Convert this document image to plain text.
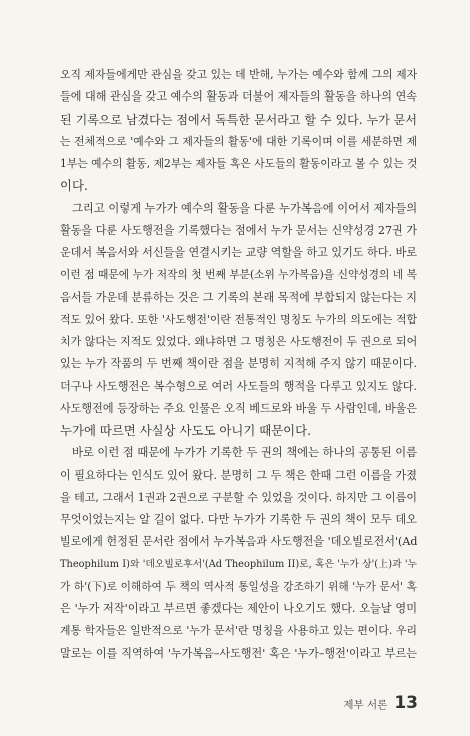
오직 제자들에게만 관심을 갖고 있는 데 반해, 누가는 예수와 함께 그의 제자
들에 대해 관심을 갖고 예수의 활동과 더불어 제자들의 활동을 하나의 연속
된 기록으로 남겼다는 점에서 독특한 문서라고 할 수 있다. 누가 문서
는 전체적으로 '예수와 그 제자들의 활동'에 대한 기록이며 이를 세분하면 제
1부는 예수의 활동, 제2부는 제자들 혹은 사도들의 활동이라고 볼 수 있는 것
이다.

그리고 이렇게 누가가 예수의 활동을 다룬 누가복음에 이어서 제자들의
활동을 다룬 사도행전을 기록했다는 점에서 누가 문서는 신약성경 27권 가
운데서 복음서와 서신들을 연결시키는 교량 역할을 하고 있기도 하다. 바로
이런 점 때문에 누가 저작의 첫 번째 부분(소위 누가복음)을 신약성경의 네 복
음서들 가운데 분류하는 것은 그 기록의 본래 목적에 부합되지 않는다는 지
적도 있어 왔다. 또한 '사도행전'이란 전통적인 명칭도 누가의 의도에는 적합
치가 않다는 지적도 있었다. 왜냐하면 그 명칭은 사도행전이 두 권으로 되어
있는 누가 작품의 두 번째 책이란 점을 분명히 지적해 주지 않기 때문이다.
더구나 사도행전은 복수형으로 여러 사도들의 행적을 다루고 있지도 않다.
사도행전에 등장하는 주요 인물은 오직 베드로와 바울 두 사람인데, 바울은
누가에 따르면 사실상 사도도 아니기 때문이다.

바로 이런 점 때문에 누가가 기록한 두 권의 책에는 하나의 공통된 이름
이 필요하다는 인식도 있어 왔다. 분명히 그 두 책은 한때 그런 이름을 가졌
을 테고, 그래서 1권과 2권으로 구분할 수 있었을 것이다. 하지만 그 이름이
무엇이었는지는 알 길이 없다. 다만 누가가 기록한 두 권의 책이 모두 데오
빌로에게 헌정된 문서란 점에서 누가복음과 사도행전을 '데오빌로전서'(Ad
Theophilum I)와 '데오빌로후서'(Ad Theophilum II)로, 혹은 '누가 상'(上)과 '누
가 하'(下)로 이해하여 두 책의 역사적 통일성을 강조하기 위해 '누가 문서' 혹
은 '누가 저작'이라고 부르면 좋겠다는 제안이 나오기도 했다. 오늘날 영미
계통 학자들은 일반적으로 '누가 문서'란 명칭을 사용하고 있는 편이다. 우리
말로는 이를 직역하여 '누가복음–사도행전' 혹은 '누가–행전'이라고 부르는

제부 서론 13
